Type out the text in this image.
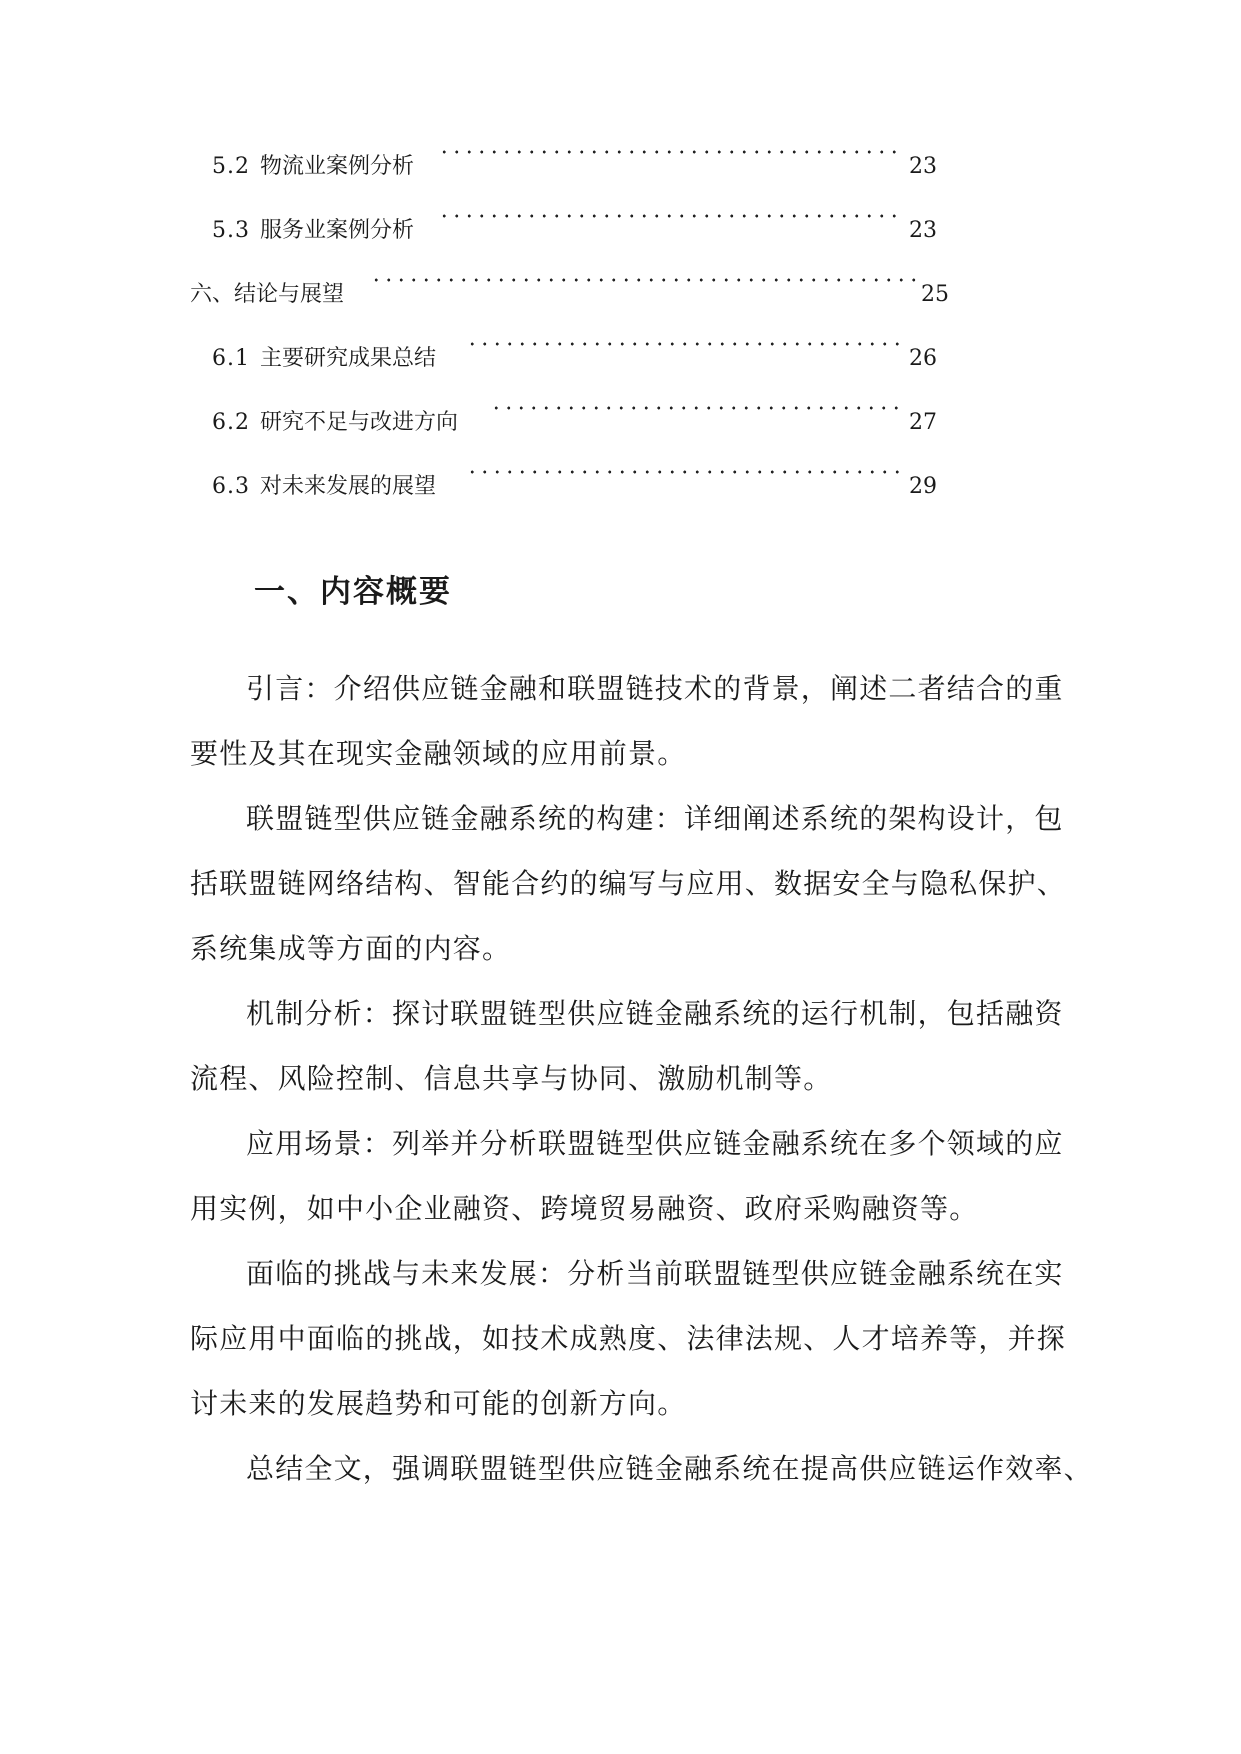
5.2 物流业案例分析	23
5.3 服务业案例分析	23
六、结论与展望	25
6.1 主要研究成果总结	26
6.2 研究不足与改进方向	27
6.3 对未来发展的展望	29
一、内容概要
引言：介绍供应链金融和联盟链技术的背景，阐述二者结合的重
要性及其在现实金融领域的应用前景。
联盟链型供应链金融系统的构建：详细阐述系统的架构设计，包
括联盟链网络结构、智能合约的编写与应用、数据安全与隐私保护、
系统集成等方面的内容。
机制分析：探讨联盟链型供应链金融系统的运行机制，包括融资
流程、风险控制、信息共享与协同、激励机制等。
应用场景：列举并分析联盟链型供应链金融系统在多个领域的应
用实例，如中小企业融资、跨境贸易融资、政府采购融资等。
面临的挑战与未来发展：分析当前联盟链型供应链金融系统在实
际应用中面临的挑战，如技术成熟度、法律法规、人才培养等，并探
讨未来的发展趋势和可能的创新方向。
总结全文，强调联盟链型供应链金融系统在提高供应链运作效率、
